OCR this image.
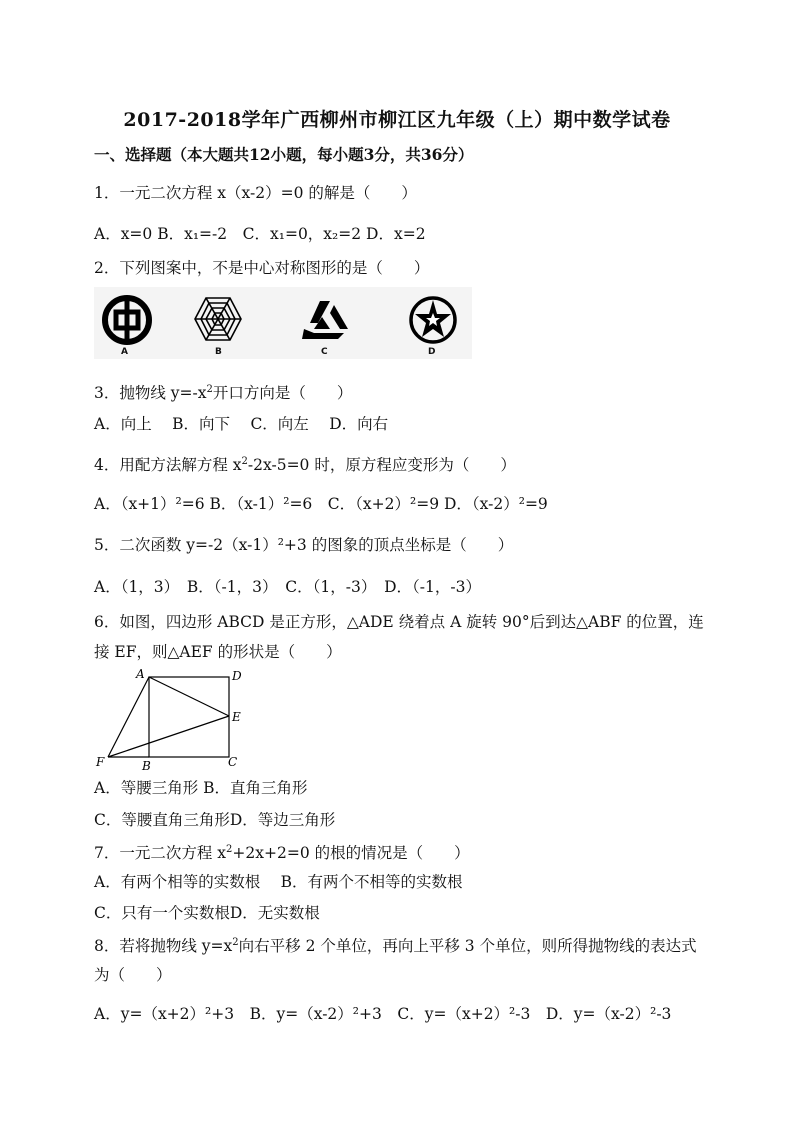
2017-2018学年广西柳州市柳江区九年级（上）期中数学试卷
一、选择题（本大题共12小题，每小题3分，共36分）
1．一元二次方程 x（x-2）=0 的解是（　　）
A．x=0 B．x₁=-2　C．x₁=0，x₂=2 D．x=2
2．下列图案中，不是中心对称图形的是（　　）
A	B	C	D
3．抛物线 $y=-x^2$开口方向是（　　）
A．向上　 B．向下　 C．向左　 D．向右
4．用配方法解方程 $x^2-2x-5=0$ 时，原方程应变形为（　　）
A．（x+1）²=6 B．（x-1）²=6　C．（x+2）²=9 D．（x-2）²=9
5．二次函数 y=-2（x-1）²+3 的图象的顶点坐标是（　　）
A．（1，3）　B．（-1，3）　C．（1，-3）　D．（-1，-3）
6．如图，四边形 ABCD 是正方形，△ADE 绕着点 A 旋转 90°后到达△ABF 的位置，连
接 EF，则△AEF 的形状是（　　）
A	D
E
F	B	C
A．等腰三角形 B．直角三角形
C．等腰直角三角形D．等边三角形
7．一元二次方程 $x^2+2x+2=0$ 的根的情况是（　　）
A．有两个相等的实数根　 B．有两个不相等的实数根
C．只有一个实数根D．无实数根
8．若将抛物线 $y=x^2$向右平移 2 个单位，再向上平移 3 个单位，则所得抛物线的表达式
为（　　）
A．y=（x+2）²+3　B．y=（x-2）²+3　C．y=（x+2）²-3　D．y=（x-2）²-3
